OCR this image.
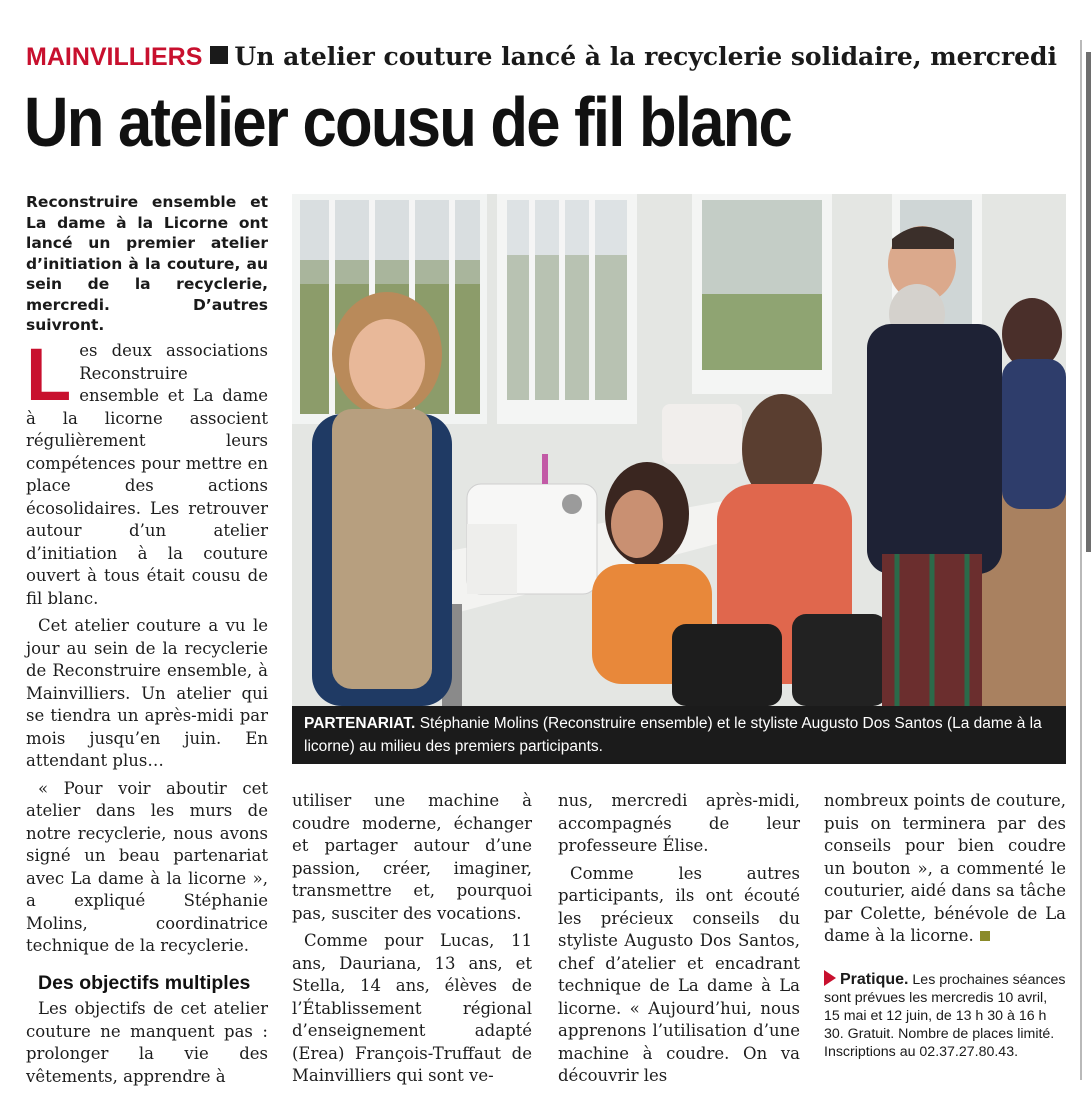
MAINVILLIERS Un atelier couture lancé à la recyclerie solidaire, mercredi
Un atelier cousu de fil blanc
Reconstruire ensemble et La dame à la Licorne ont lancé un premier atelier d’initiation à la couture, au sein de la recyclerie, mercredi. D’autres suivront.
PARTENARIAT. Stéphanie Molins (Reconstruire ensemble) et le styliste Augusto Dos Santos (La dame à la licorne) au milieu des premiers participants.

Les deux associations Reconstruire ensemble et La dame à la licorne associent régulièrement leurs compétences pour mettre en place des actions écosolidaires. Les retrouver autour d’un atelier d’initiation à la couture ouvert à tous était cousu de fil blanc.

Cet atelier couture a vu le jour au sein de la recyclerie de Reconstruire ensemble, à Mainvilliers. Un atelier qui se tiendra un après-midi par mois jusqu’en juin. En attendant plus…

« Pour voir aboutir cet atelier dans les murs de notre recyclerie, nous avons signé un beau partenariat avec La dame à la licorne », a expliqué Stéphanie Molins, coordinatrice technique de la recyclerie.

Des objectifs multiples

Les objectifs de cet atelier couture ne manquent pas : prolonger la vie des vêtements, apprendre à

utiliser une machine à coudre moderne, échanger et partager autour d’une passion, créer, imaginer, transmettre et, pourquoi pas, susciter des vocations.

Comme pour Lucas, 11 ans, Dauriana, 13 ans, et Stella, 14 ans, élèves de l’Établissement régional d’enseignement adapté (Erea) François-Truffaut de Mainvilliers qui sont ve-

nus, mercredi après-midi, accompagnés de leur professeure Élise.

Comme les autres participants, ils ont écouté les précieux conseils du styliste Augusto Dos Santos, chef d’atelier et encadrant technique de La dame à La licorne. « Aujourd’hui, nous apprenons l’utilisation d’une machine à coudre. On va découvrir les

nombreux points de couture, puis on terminera par des conseils pour bien coudre un bouton », a commenté le couturier, aidé dans sa tâche par Colette, bénévole de La dame à la licorne.

Pratique. Les prochaines séances sont prévues les mercredis 10 avril, 15 mai et 12 juin, de 13 h 30 à 16 h 30. Gratuit. Nombre de places limité. Inscriptions au 02.37.27.80.43.
